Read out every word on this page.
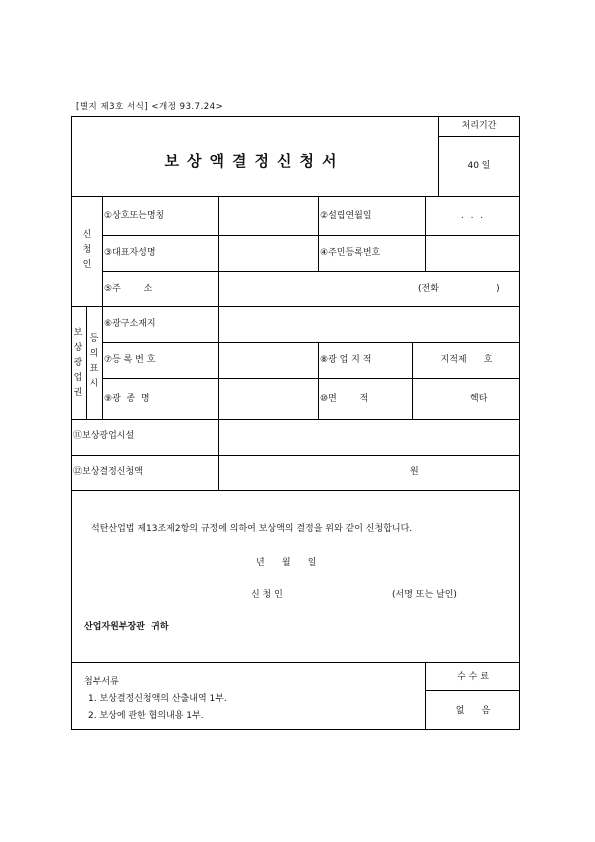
[별지 제3호 서식] <개정 93.7.24>
보상액결정신청서
처리기간
40 일
신
청
인
①상호또는명칭	②설립연월일	. . .
③대표자성명	④주민등록번호
⑤주        소	(전화                    )
보
상
광
업
권
등
의
표
시
⑥광구소재지
⑦등 록 번 호	⑧광 업 지 적	지적제      호
⑨광  종  명	⑩면        적	헥타
⑪보상광업시설
⑫보상결정신청액	원
석탄산업법 제13조제2항의 규정에 의하여 보상액의 결정을 위와 같이 신청합니다.
년      월      일
신 청 인	(서명 또는 날인)
산업자원부장관  귀하
첨부서류
1. 보상결정신청액의 산출내역 1부.
2. 보상에 관한 협의내용 1부.
수 수 료
없      음
